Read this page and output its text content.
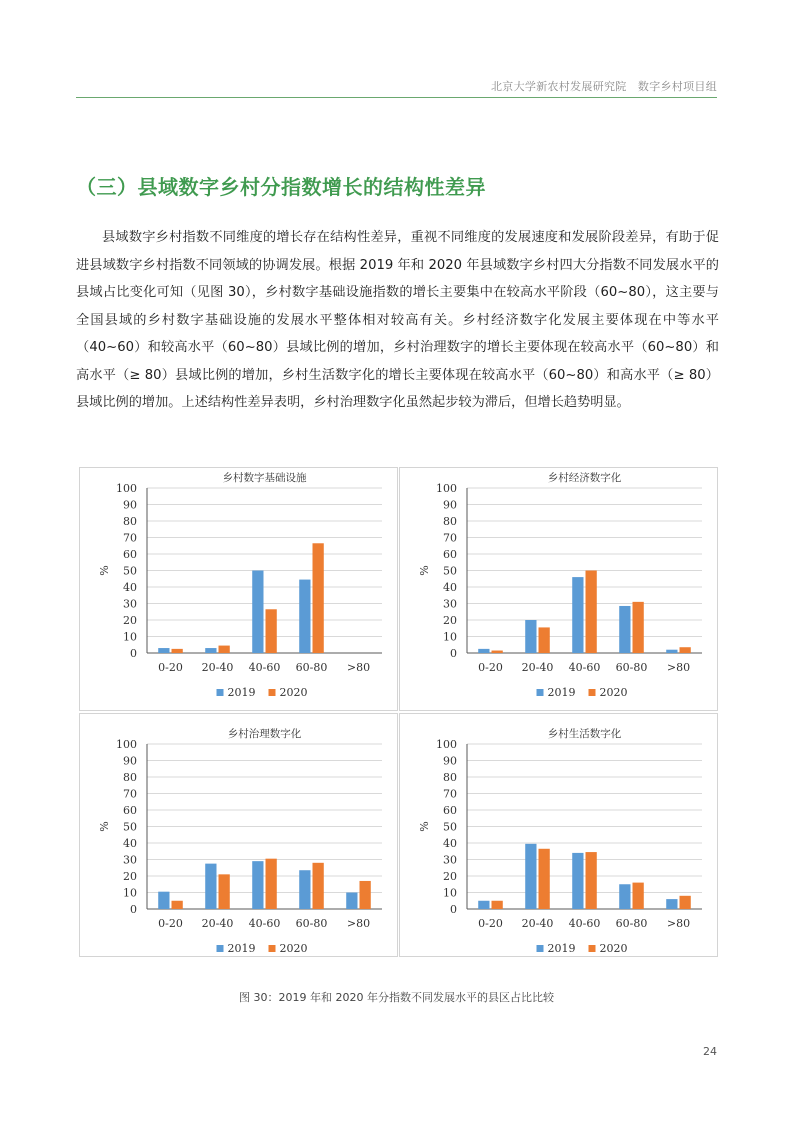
北京大学新农村发展研究院　数字乡村项目组
（三）县域数字乡村分指数增长的结构性差异

县域数字乡村指数不同维度的增长存在结构性差异，重视不同维度的发展速度和发展阶段差异，有助于促进县域数字乡村指数不同领域的协调发展。根据 2019 年和 2020 年县域数字乡村四大分指数不同发展水平的县域占比变化可知（见图 30），乡村数字基础设施指数的增长主要集中在较高水平阶段（60~80），这主要与全国县域的乡村数字基础设施的发展水平整体相对较高有关。乡村经济数字化发展主要体现在中等水平（40~60）和较高水平（60~80）县域比例的增加，乡村治理数字的增长主要体现在较高水平（60~80）和高水平（≥ 80）县域比例的增加，乡村生活数字化的增长主要体现在较高水平（60~80）和高水平（≥ 80）县域比例的增加。上述结构性差异表明，乡村治理数字化虽然起步较为滞后，但增长趋势明显。

乡村数字基础设施
0
10
20
30
40
50
60
70
80
90
100
%
0-20 20-40 40-60 60-80 >80
2019 2020
乡村经济数字化
0
10
20
30
40
50
60
70
80
90
100
%
0-20 20-40 40-60 60-80 >80
2019 2020
乡村治理数字化
0
10
20
30
40
50
60
70
80
90
100
%
0-20 20-40 40-60 60-80 >80
2019 2020
乡村生活数字化
0
10
20
30
40
50
60
70
80
90
100
%
0-20 20-40 40-60 60-80 >80
2019 2020
图 30：2019 年和 2020 年分指数不同发展水平的县区占比比较
24
